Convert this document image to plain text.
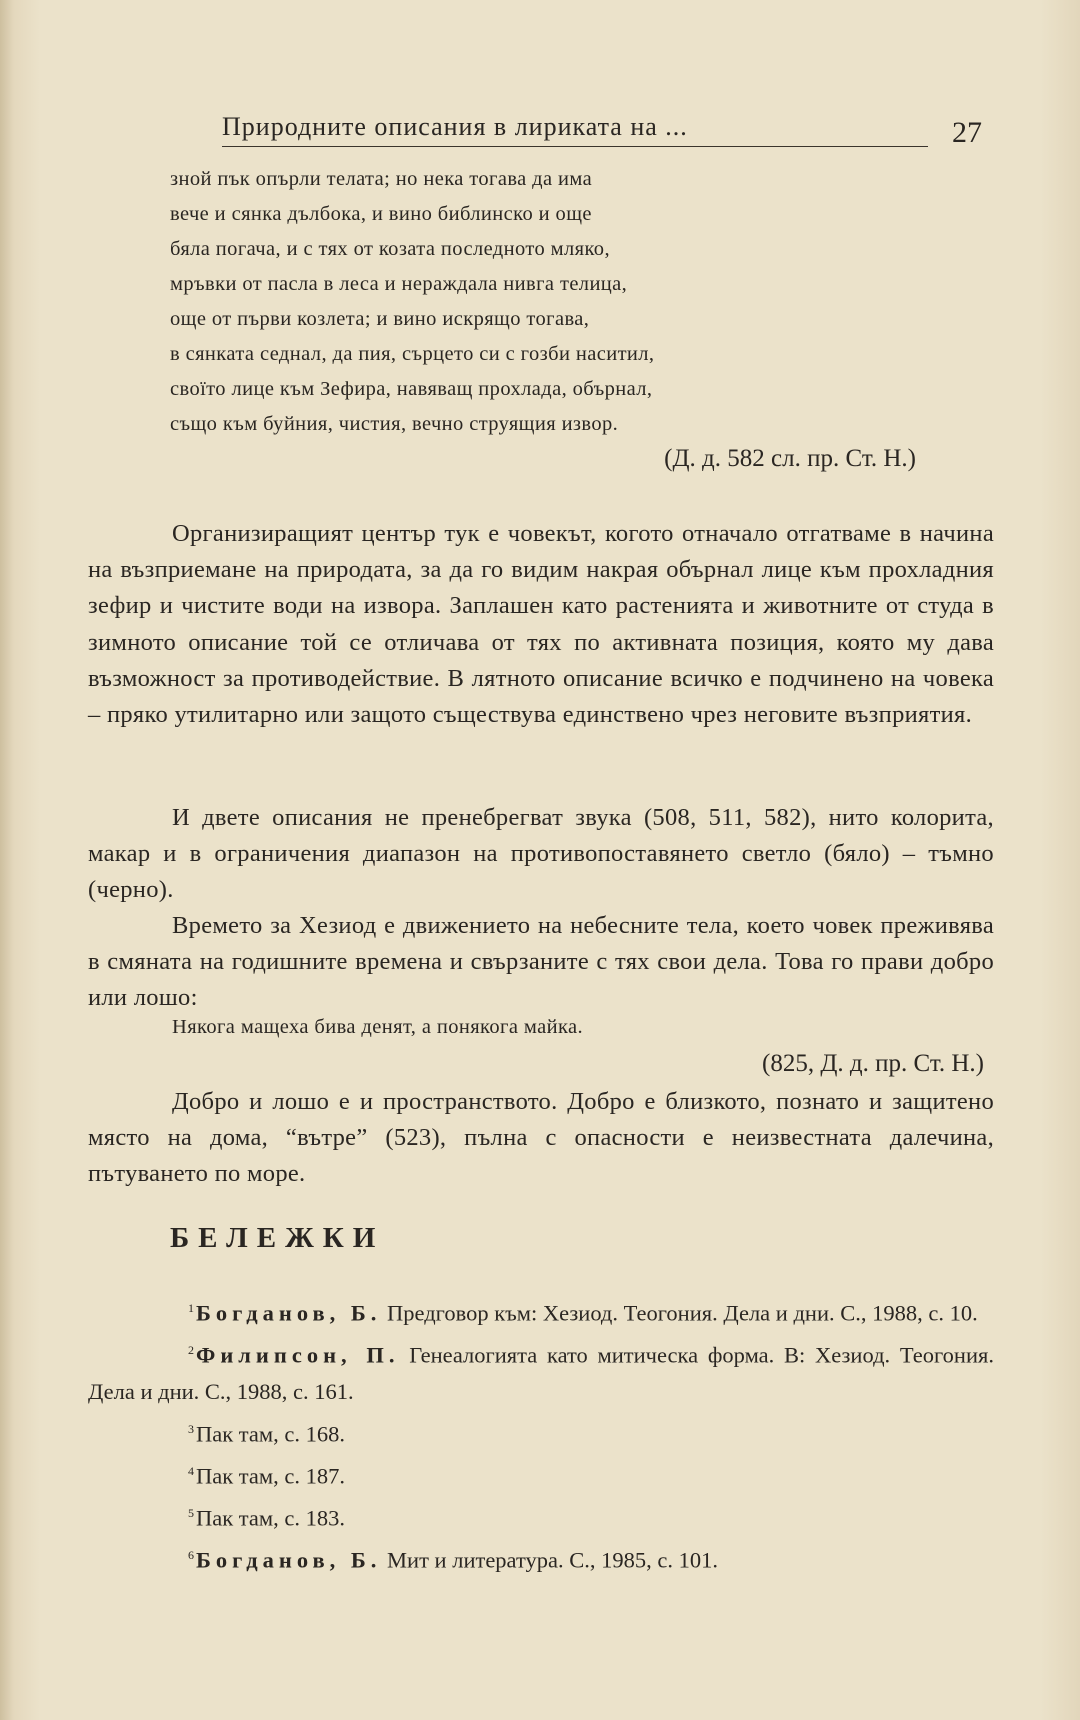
Природните описания в лириката на ...	27
зной пък опърли телата; но нека тогава да има
вече и сянка дълбока, и вино библинско и още
бяла погача, и с тях от козата последното мляко,
мръвки от пасла в леса и нераждала нивга телица,
още от първи козлета; и вино искрящо тогава,
в сянката седнал, да пия, сърцето си с гозби наситил,
своїто лице към Зефира, навяващ прохлада, обърнал,
също към буйния, чистия, вечно струящия извор.
(Д. д. 582 сл. пр. Ст. Н.)

Организиращият център тук е човекът, когото отначало отгатваме в начина на възприемане на природата, за да го видим накрая обърнал лице към прохладния зефир и чистите води на извора. Заплашен като растенията и животните от студа в зимното описание той се отличава от тях по активната позиция, която му дава възможност за противодействие. В лятното описание всичко е подчинено на човека – пряко утилитарно или защото съществува единствено чрез неговите възприятия.

И двете описания не пренебрегват звука (508, 511, 582), нито колорита, макар и в ограничения диапазон на противопоставянето светло (бяло) – тъмно (черно).

Времето за Хезиод е движението на небесните тела, което човек преживява в смяната на годишните времена и свързаните с тях свои дела. Това го прави добро или лошо:

Някога мащеха бива денят, а понякога майка.
(825, Д. д. пр. Ст. Н.)

Добро и лошо е и пространството. Добро е близкото, познато и защитено място на дома, “вътре” (523), пълна с опасности е неизвестната далечина, пътуването по море.

БЕЛЕЖКИ

$^1$Богданов, Б. Предговор към: Хезиод. Теогония. Дела и дни. С., 1988, с. 10.

$^2$Филипсон, П. Генеалогията като митическа форма. В: Хезиод. Теогония. Дела и дни. С., 1988, с. 161.

$^3$Пак там, с. 168.

$^4$Пак там, с. 187.

$^5$Пак там, с. 183.

$^6$Богданов, Б. Мит и литература. С., 1985, с. 101.
